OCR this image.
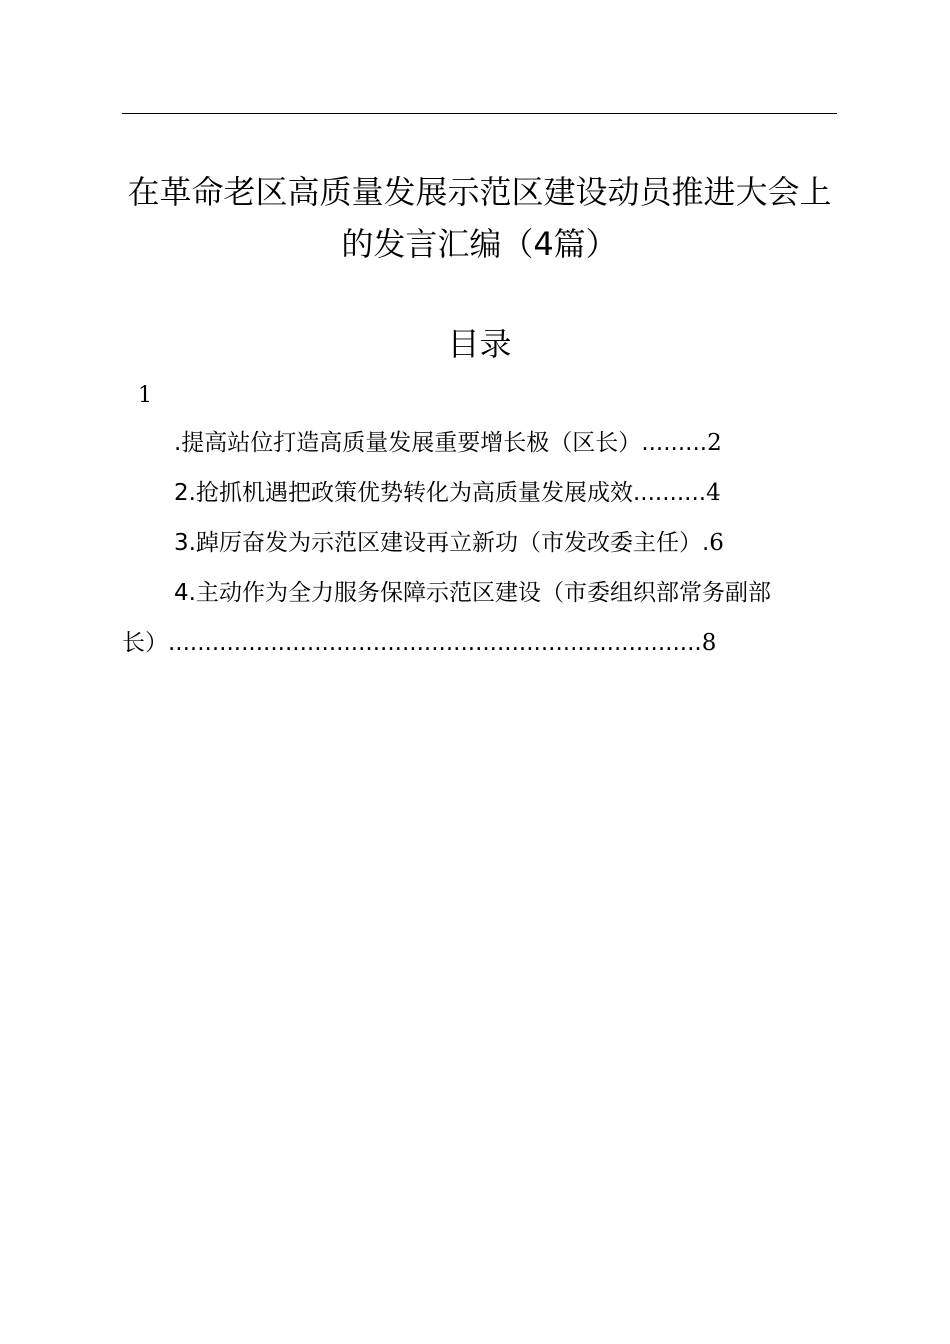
在革命老区高质量发展示范区建设动员推进大会上的发言汇编（4篇）
目录
1
.提高站位打造高质量发展重要增长极（区长）.........2
2.抢抓机遇把政策优势转化为高质量发展成效..........4
3.踔厉奋发为示范区建设再立新功（市发改委主任）.6
4.主动作为全力服务保障示范区建设（市委组织部常务副部长）.........................................................................8
